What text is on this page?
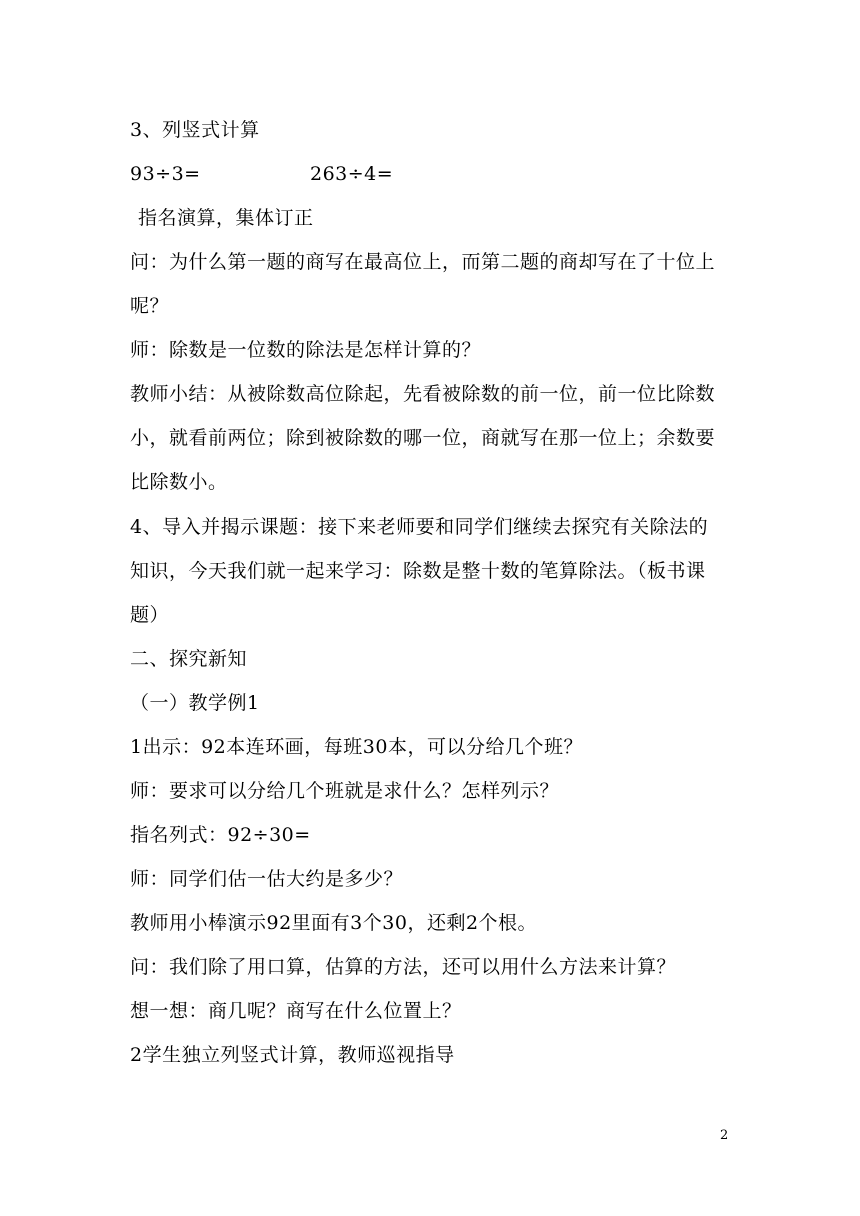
3、列竖式计算
93÷3=	263÷4=
指名演算，集体订正
问：为什么第一题的商写在最高位上，而第二题的商却写在了十位上
呢？
师：除数是一位数的除法是怎样计算的？
教师小结：从被除数高位除起，先看被除数的前一位，前一位比除数
小，就看前两位；除到被除数的哪一位，商就写在那一位上；余数要
比除数小。
4、导入并揭示课题：接下来老师要和同学们继续去探究有关除法的
知识，今天我们就一起来学习：除数是整十数的笔算除法。（板书课
题）
二、探究新知
（一）教学例1
1出示：92本连环画，每班30本，可以分给几个班？
师：要求可以分给几个班就是求什么？怎样列示？
指名列式：92÷30=
师：同学们估一估大约是多少？
教师用小棒演示92里面有3个30，还剩2个根。
问：我们除了用口算，估算的方法，还可以用什么方法来计算？
想一想：商几呢？商写在什么位置上？
2学生独立列竖式计算，教师巡视指导
2
